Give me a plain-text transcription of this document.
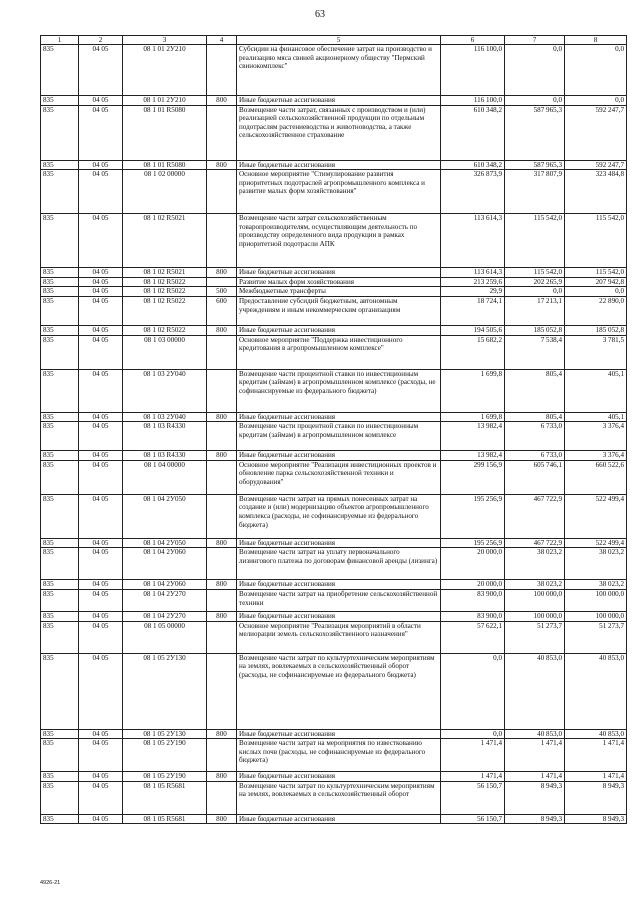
63
1	2	3	4	5	6	7	8
835	04 05	08 1 01 2У210		Субсидии на финансовое обеспечение затрат на производство и реализацию мяса свиней акционерному обществу "Пермский свинокомплекс"	116 100,0	0,0	0,0
835	04 05	08 1 01 2У210	800	Иные бюджетные ассигнования	116 100,0	0,0	0,0
835	04 05	08 1 01 R5080		Возмещение части затрат, связанных с производством и (или) реализацией сельскохозяйственной продукции по отдельным подотраслям растениеводства и животноводства, а также сельскохозяйственное страхование	610 348,2	587 965,3	592 247,7
835	04 05	08 1 01 R5080	800	Иные бюджетные ассигнования	610 348,2	587 965,3	592 247,7
835	04 05	08 1 02 00000		Основное мероприятие "Стимулирование развития приоритетных подотраслей агропромышленного комплекса и развитие малых форм хозяйствования"	326 873,9	317 807,9	323 484,8
835	04 05	08 1 02 R5021		Возмещение части затрат сельскохозяйственным товаропроизводителям, осуществляющим деятельность по производству определенного вида продукции в рамках приоритетной подотрасли АПК	113 614,3	115 542,0	115 542,0
835	04 05	08 1 02 R5021	800	Иные бюджетные ассигнования	113 614,3	115 542,0	115 542,0
835	04 05	08 1 02 R5022		Развитие малых форм хозяйствования	213 259,6	202 265,9	207 942,8
835	04 05	08 1 02 R5022	500	Межбюджетные трансферты	29,9	0,0	0,0
835	04 05	08 1 02 R5022	600	Предоставление субсидий бюджетным, автономным учреждениям и иным некоммерческим организациям	18 724,1	17 213,1	22 890,0
835	04 05	08 1 02 R5022	800	Иные бюджетные ассигнования	194 505,6	185 052,8	185 052,8
835	04 05	08 1 03 00000		Основное мероприятие "Поддержка инвестиционного кредитования в агропромышленном комплексе"	15 682,2	7 538,4	3 781,5
835	04 05	08 1 03 2У040		Возмещение части процентной ставки по инвестиционным кредитам (займам) в агропромышленном комплексе (расходы, не софинансируемые из федерального бюджета)	1 699,8	805,4	405,1
835	04 05	08 1 03 2У040	800	Иные бюджетные ассигнования	1 699,8	805,4	405,1
835	04 05	08 1 03 R4330		Возмещение части процентной ставки по инвестиционным кредитам (займам) в агропромышленном комплексе	13 982,4	6 733,0	3 376,4
835	04 05	08 1 03 R4330	800	Иные бюджетные ассигнования	13 982,4	6 733,0	3 376,4
835	04 05	08 1 04 00000		Основное мероприятие "Реализация инвестиционных проектов и обновление парка сельскохозяйственной техники и оборудования"	299 156,9	605 746,1	660 522,6
835	04 05	08 1 04 2У050		Возмещение части затрат на прямых понесенных затрат на создание и (или) модернизацию объектов агропромышленного комплекса (расходы, не софинансируемые из федерального бюджета)	195 256,9	467 722,9	522 499,4
835	04 05	08 1 04 2У050	800	Иные бюджетные ассигнования	195 256,9	467 722,9	522 499,4
835	04 05	08 1 04 2У060		Возмещение части затрат на уплату первоначального лизингового платежа по договорам финансовой аренды (лизинга)	20 000,0	38 023,2	38 023,2
835	04 05	08 1 04 2У060	800	Иные бюджетные ассигнования	20 000,0	38 023,2	38 023,2
835	04 05	08 1 04 2У270		Возмещение части затрат на приобретение сельскохозяйственной техники	83 900,0	100 000,0	100 000,0
835	04 05	08 1 04 2У270	800	Иные бюджетные ассигнования	83 900,0	100 000,0	100 000,0
835	04 05	08 1 05 00000		Основное мероприятие "Реализация мероприятий в области мелиорации земель сельскохозяйственного назначения"	57 622,1	51 273,7	51 273,7
835	04 05	08 1 05 2У130		Возмещение части затрат по культуртехническим мероприятиям на землях, вовлекаемых в сельскохозяйственный оборот (расходы, не софинансируемые из федерального бюджета)	0,0	40 853,0	40 853,0
835	04 05	08 1 05 2У130	800	Иные бюджетные ассигнования	0,0	40 853,0	40 853,0
835	04 05	08 1 05 2У190		Возмещение части затрат на мероприятия по известкованию кислых почв (расходы, не софинансируемые из федерального бюджета)	1 471,4	1 471,4	1 471,4
835	04 05	08 1 05 2У190	800	Иные бюджетные ассигнования	1 471,4	1 471,4	1 471,4
835	04 05	08 1 05 R5681		Возмещение части затрат по культуртехническим мероприятиям на землях, вовлекаемых в сельскохозяйственный оборот	56 150,7	8 949,3	8 949,3
835	04 05	08 1 05 R5681	800	Иные бюджетные ассигнования	56 150,7	8 949,3	8 949,3
4926-21
